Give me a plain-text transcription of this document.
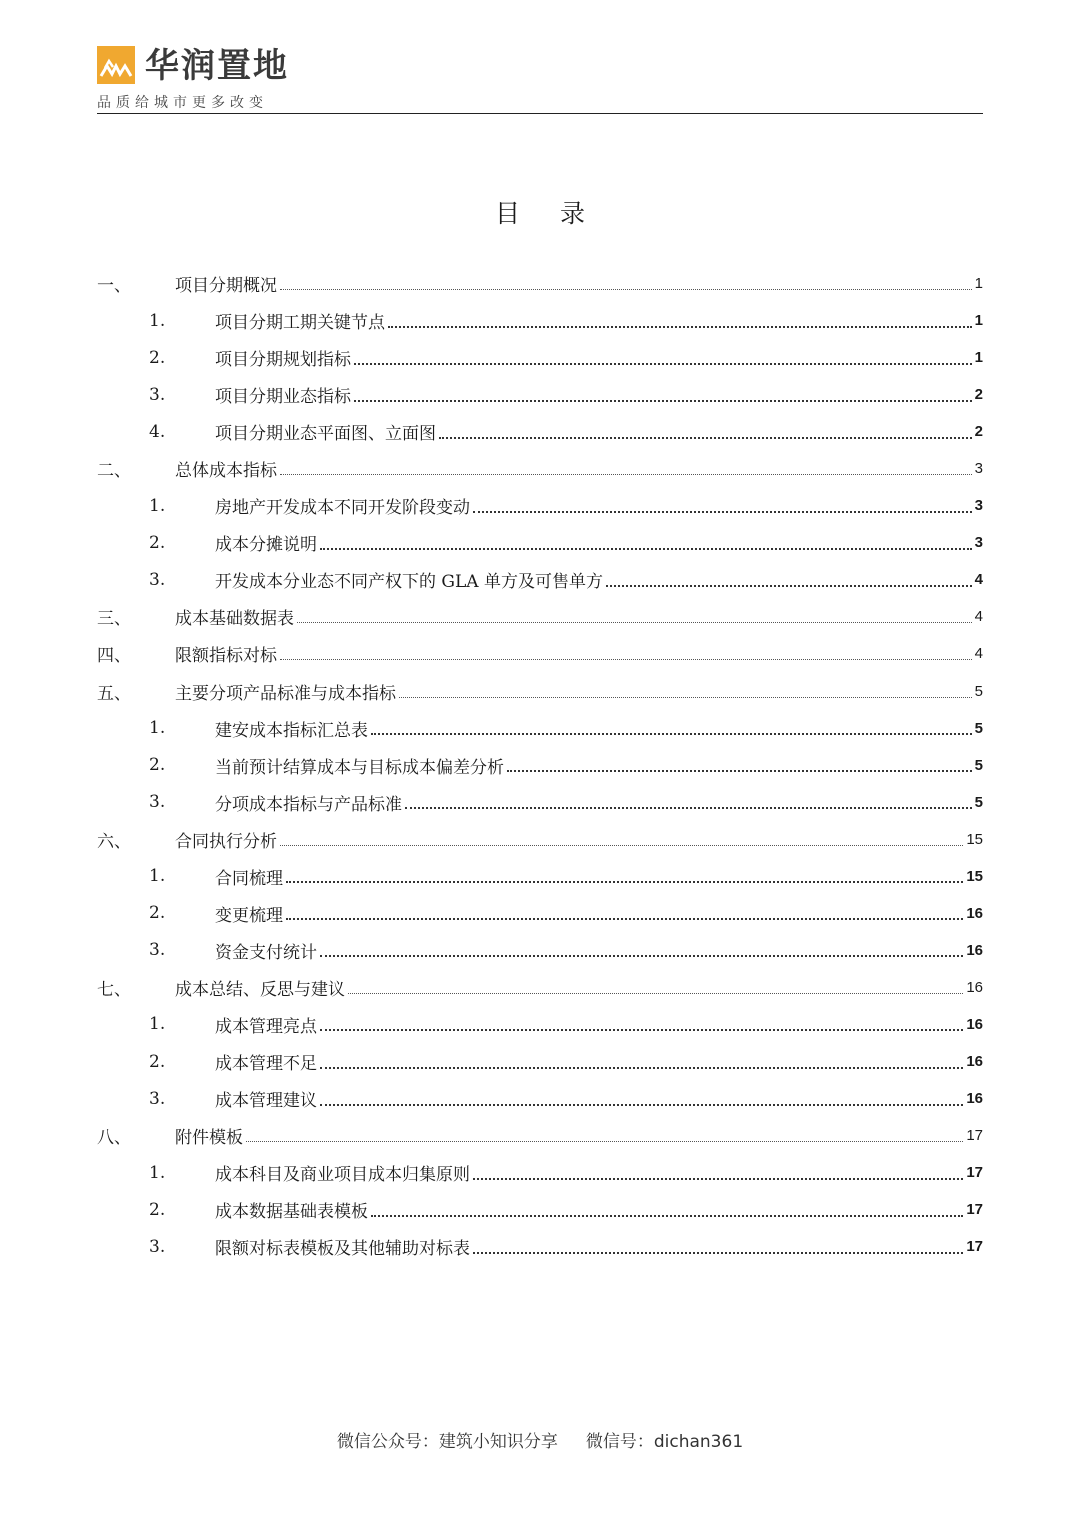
华润置地
品质给城市更多改变
目录
一、	项目分期概况	1
1.	项目分期工期关键节点	1
2.	项目分期规划指标	1
3.	项目分期业态指标	2
4.	项目分期业态平面图、立面图	2
二、	总体成本指标	3
1.	房地产开发成本不同开发阶段变动	3
2.	成本分摊说明	3
3.	开发成本分业态不同产权下的 GLA 单方及可售单方	4
三、	成本基础数据表	4
四、	限额指标对标	4
五、	主要分项产品标准与成本指标	5
1.	建安成本指标汇总表	5
2.	当前预计结算成本与目标成本偏差分析	5
3.	分项成本指标与产品标准	5
六、	合同执行分析	15
1.	合同梳理	15
2.	变更梳理	16
3.	资金支付统计	16
七、	成本总结、反思与建议	16
1.	成本管理亮点	16
2.	成本管理不足	16
3.	成本管理建议	16
八、	附件模板	17
1.	成本科目及商业项目成本归集原则	17
2.	成本数据基础表模板	17
3.	限额对标表模板及其他辅助对标表	17
微信公众号：建筑小知识分享 微信号：dichan361
